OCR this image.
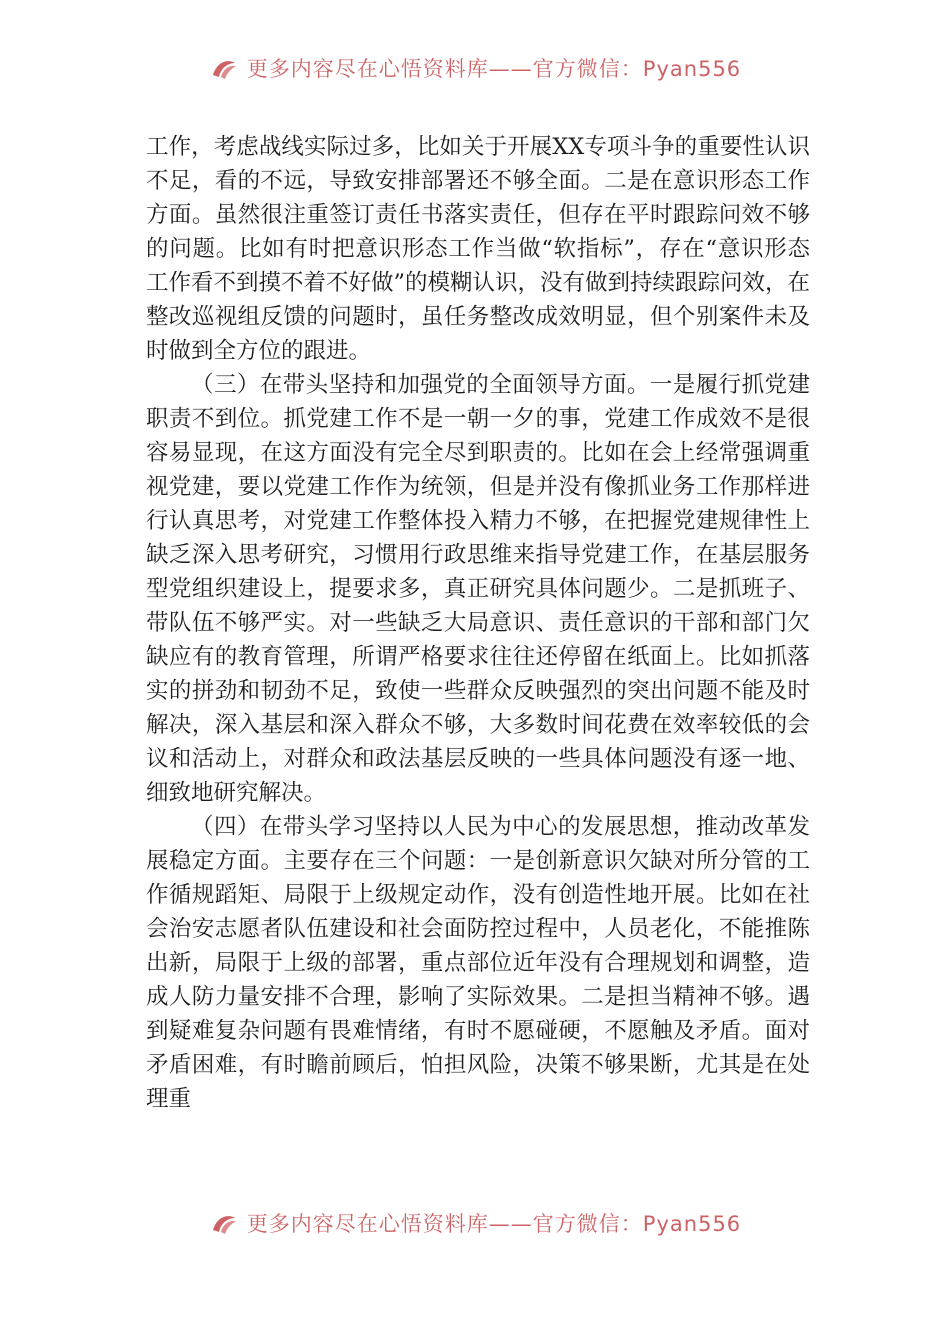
更多内容尽在心悟资料库——官方微信：Pyan556

工作，考虑战线实际过多，比如关于开展XX专项斗争的重要性认识不足，看的不远，导致安排部署还不够全面。二是在意识形态工作方面。虽然很注重签订责任书落实责任，但存在平时跟踪问效不够的问题。比如有时把意识形态工作当做“软指标”，存在“意识形态工作看不到摸不着不好做”的模糊认识，没有做到持续跟踪问效，在整改巡视组反馈的问题时，虽任务整改成效明显，但个别案件未及时做到全方位的跟进。

（三）在带头坚持和加强党的全面领导方面。一是履行抓党建职责不到位。抓党建工作不是一朝一夕的事，党建工作成效不是很容易显现，在这方面没有完全尽到职责的。比如在会上经常强调重视党建，要以党建工作作为统领，但是并没有像抓业务工作那样进行认真思考，对党建工作整体投入精力不够，在把握党建规律性上缺乏深入思考研究，习惯用行政思维来指导党建工作，在基层服务型党组织建设上，提要求多，真正研究具体问题少。二是抓班子、带队伍不够严实。对一些缺乏大局意识、责任意识的干部和部门欠缺应有的教育管理，所谓严格要求往往还停留在纸面上。比如抓落实的拼劲和韧劲不足，致使一些群众反映强烈的突出问题不能及时解决，深入基层和深入群众不够，大多数时间花费在效率较低的会议和活动上，对群众和政法基层反映的一些具体问题没有逐一地、细致地研究解决。

（四）在带头学习坚持以人民为中心的发展思想，推动改革发展稳定方面。主要存在三个问题：一是创新意识欠缺对所分管的工作循规蹈矩、局限于上级规定动作，没有创造性地开展。比如在社会治安志愿者队伍建设和社会面防控过程中，人员老化，不能推陈出新，局限于上级的部署，重点部位近年没有合理规划和调整，造成人防力量安排不合理，影响了实际效果。二是担当精神不够。遇到疑难复杂问题有畏难情绪，有时不愿碰硬，不愿触及矛盾。面对矛盾困难，有时瞻前顾后，怕担风险，决策不够果断，尤其是在处理重

更多内容尽在心悟资料库——官方微信：Pyan556
